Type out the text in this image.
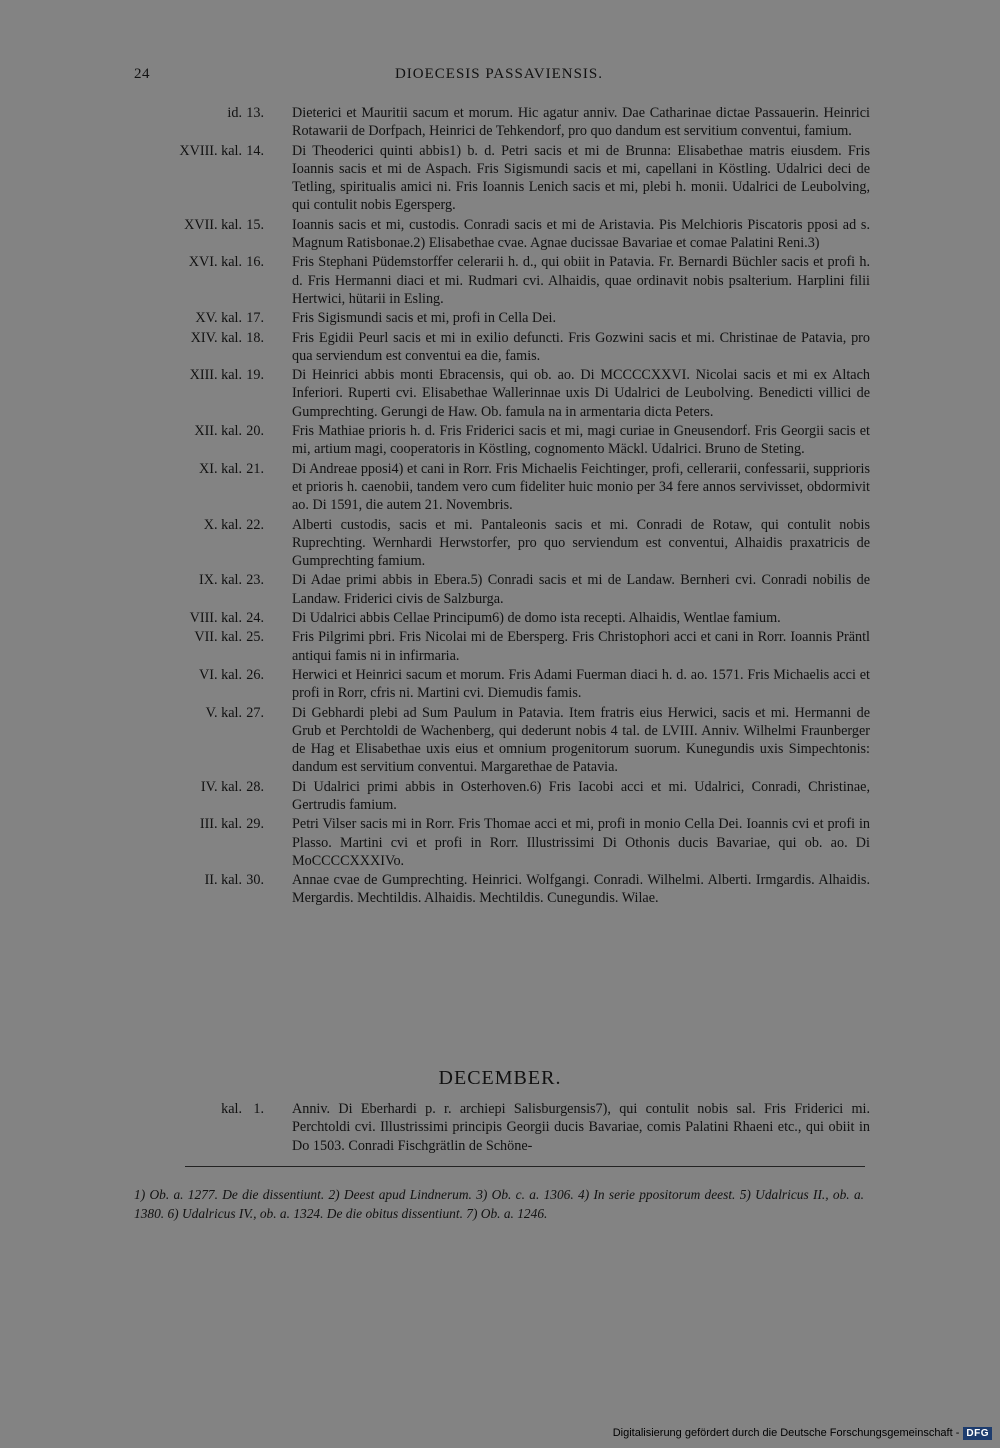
24	DIOECESIS PASSAVIENSIS.
id. 13.	Dieterici et Mauritii sacum et morum. Hic agatur anniv. Dae Catharinae dictae Passauerin. Heinrici Rotawarii de Dorfpach, Heinrici de Tehkendorf, pro quo dandum est servitium conventui, famium.
XVIII. kal. 14.	Di Theoderici quinti abbis1) b. d. Petri sacis et mi de Brunna: Elisabethae matris eiusdem. Fris Ioannis sacis et mi de Aspach. Fris Sigismundi sacis et mi, capellani in Köstling. Udalrici deci de Tetling, spiritualis amici ni. Fris Ioannis Lenich sacis et mi, plebi h. monii. Udalrici de Leubolving, qui contulit nobis Egersperg.
XVII. kal. 15.	Ioannis sacis et mi, custodis. Conradi sacis et mi de Aristavia. Pis Melchioris Piscatoris pposi ad s. Magnum Ratisbonae.2) Elisabethae cvae. Agnae ducissae Bavariae et comae Palatini Reni.3)
XVI. kal. 16.	Fris Stephani Püdemstorffer celerarii h. d., qui obiit in Patavia. Fr. Bernardi Büchler sacis et profi h. d. Fris Hermanni diaci et mi. Rudmari cvi. Alhaidis, quae ordinavit nobis psalterium. Harplini filii Hertwici, hütarii in Esling.
XV. kal. 17.	Fris Sigismundi sacis et mi, profi in Cella Dei.
XIV. kal. 18.	Fris Egidii Peurl sacis et mi in exilio defuncti. Fris Gozwini sacis et mi. Christinae de Patavia, pro qua serviendum est conventui ea die, famis.
XIII. kal. 19.	Di Heinrici abbis monti Ebracensis, qui ob. ao. Di MCCCCXXVI. Nicolai sacis et mi ex Altach Inferiori. Ruperti cvi. Elisabethae Wallerinnae uxis Di Udalrici de Leubolving. Benedicti villici de Gumprechting. Gerungi de Haw. Ob. famula na in armentaria dicta Peters.
XII. kal. 20.	Fris Mathiae prioris h. d. Fris Friderici sacis et mi, magi curiae in Gneusendorf. Fris Georgii sacis et mi, artium magi, cooperatoris in Köstling, cognomento Mäckl. Udalrici. Bruno de Steting.
XI. kal. 21.	Di Andreae pposi4) et cani in Rorr. Fris Michaelis Feichtinger, profi, cellerarii, confessarii, supprioris et prioris h. caenobii, tandem vero cum fideliter huic monio per 34 fere annos servivisset, obdormivit ao. Di 1591, die autem 21. Novembris.
X. kal. 22.	Alberti custodis, sacis et mi. Pantaleonis sacis et mi. Conradi de Rotaw, qui contulit nobis Ruprechting. Wernhardi Herwstorfer, pro quo serviendum est conventui, Alhaidis praxatricis de Gumprechting famium.
IX. kal. 23.	Di Adae primi abbis in Ebera.5) Conradi sacis et mi de Landaw. Bernheri cvi. Conradi nobilis de Landaw. Friderici civis de Salzburga.
VIII. kal. 24.	Di Udalrici abbis Cellae Principum6) de domo ista recepti. Alhaidis, Wentlae famium.
VII. kal. 25.	Fris Pilgrimi pbri. Fris Nicolai mi de Ebersperg. Fris Christophori acci et cani in Rorr. Ioannis Präntl antiqui famis ni in infirmaria.
VI. kal. 26.	Herwici et Heinrici sacum et morum. Fris Adami Fuerman diaci h. d. ao. 1571. Fris Michaelis acci et profi in Rorr, cfris ni. Martini cvi. Diemudis famis.
V. kal. 27.	Di Gebhardi plebi ad Sum Paulum in Patavia. Item fratris eius Herwici, sacis et mi. Hermanni de Grub et Perchtoldi de Wachenberg, qui dederunt nobis 4 tal. de LVIII. Anniv. Wilhelmi Fraunberger de Hag et Elisabethae uxis eius et omnium progenitorum suorum. Kunegundis uxis Simpechtonis: dandum est servitium conventui. Margarethae de Patavia.
IV. kal. 28.	Di Udalrici primi abbis in Osterhoven.6) Fris Iacobi acci et mi. Udalrici, Conradi, Christinae, Gertrudis famium.
III. kal. 29.	Petri Vilser sacis mi in Rorr. Fris Thomae acci et mi, profi in monio Cella Dei. Ioannis cvi et profi in Plasso. Martini cvi et profi in Rorr. Illustrissimi Di Othonis ducis Bavariae, qui ob. ao. Di MoCCCCXXXIVo.
II. kal. 30.	Annae cvae de Gumprechting. Heinrici. Wolfgangi. Conradi. Wilhelmi. Alberti. Irmgardis. Alhaidis. Mergardis. Mechtildis. Alhaidis. Mechtildis. Cunegundis. Wilae.
DECEMBER.
kal. 1.	Anniv. Di Eberhardi p. r. archiepi Salisburgensis7), qui contulit nobis sal. Fris Friderici mi. Perchtoldi cvi. Illustrissimi principis Georgii ducis Bavariae, comis Palatini Rhaeni etc., qui obiit in Do 1503. Conradi Fischgrätlin de Schöne-
1) Ob. a. 1277. De die dissentiunt. 2) Deest apud Lindnerum. 3) Ob. c. a. 1306. 4) In serie ppositorum deest. 5) Udalricus II., ob. a. 1380. 6) Udalricus IV., ob. a. 1324. De die obitus dissentiunt. 7) Ob. a. 1246.
Digitalisierung gefördert durch die Deutsche Forschungsgemeinschaft - DFG
